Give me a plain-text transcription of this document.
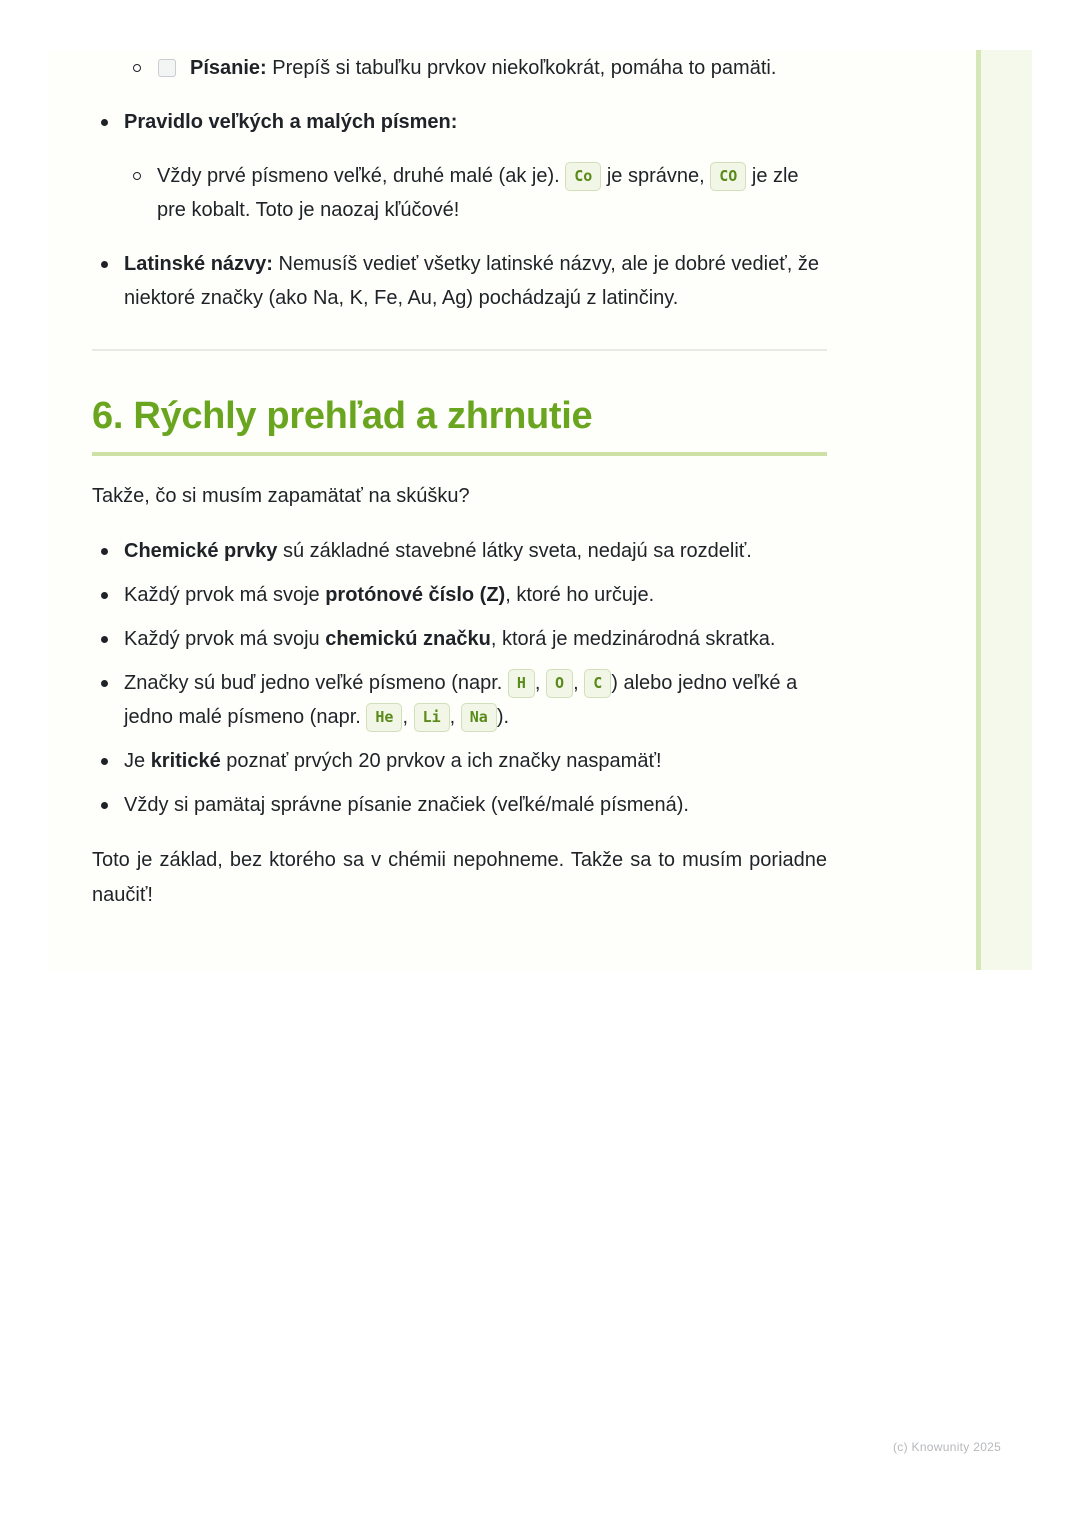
Písanie: Prepíš si tabuľku prvkov niekoľkokrát, pomáha to pamäti.
Pravidlo veľkých a malých písmen:
Vždy prvé písmeno veľké, druhé malé (ak je). Co je správne, CO je zle pre kobalt. Toto je naozaj kľúčové!
Latinské názvy: Nemusíš vedieť všetky latinské názvy, ale je dobré vedieť, že niektoré značky (ako Na, K, Fe, Au, Ag) pochádzajú z latinčiny.
6. Rýchly prehľad a zhrnutie
Takže, čo si musím zapamätať na skúšku?
Chemické prvky sú základné stavebné látky sveta, nedajú sa rozdeliť.
Každý prvok má svoje protónové číslo (Z), ktoré ho určuje.
Každý prvok má svoju chemickú značku, ktorá je medzinárodná skratka.
Značky sú buď jedno veľké písmeno (napr. H , O , C ) alebo jedno veľké a jedno malé písmeno (napr. He , Li , Na ).
Je kritické poznať prvých 20 prvkov a ich značky naspamäť!
Vždy si pamätaj správne písanie značiek (veľké/malé písmená).

Toto je základ, bez ktorého sa v chémii nepohneme. Takže sa to musím poriadne naučiť!

(c) Knowunity 2025
